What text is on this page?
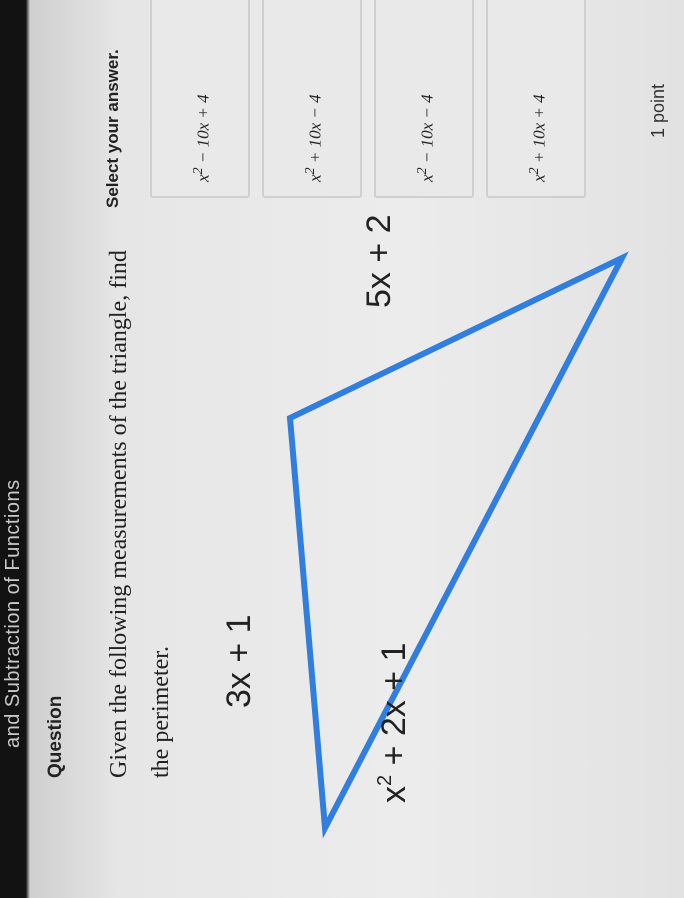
and Subtraction of Functions Question	Given the following measurements of the triangle, find the perimeter. 3x + 1
$x^2 + 2x + 1$
5x + 2
Select your answer.	$x^2 - 10x + 4$
$x^2 + 10x - 4$
$x^2 - 10x - 4$
$x^2 + 10x + 4$	1 point
